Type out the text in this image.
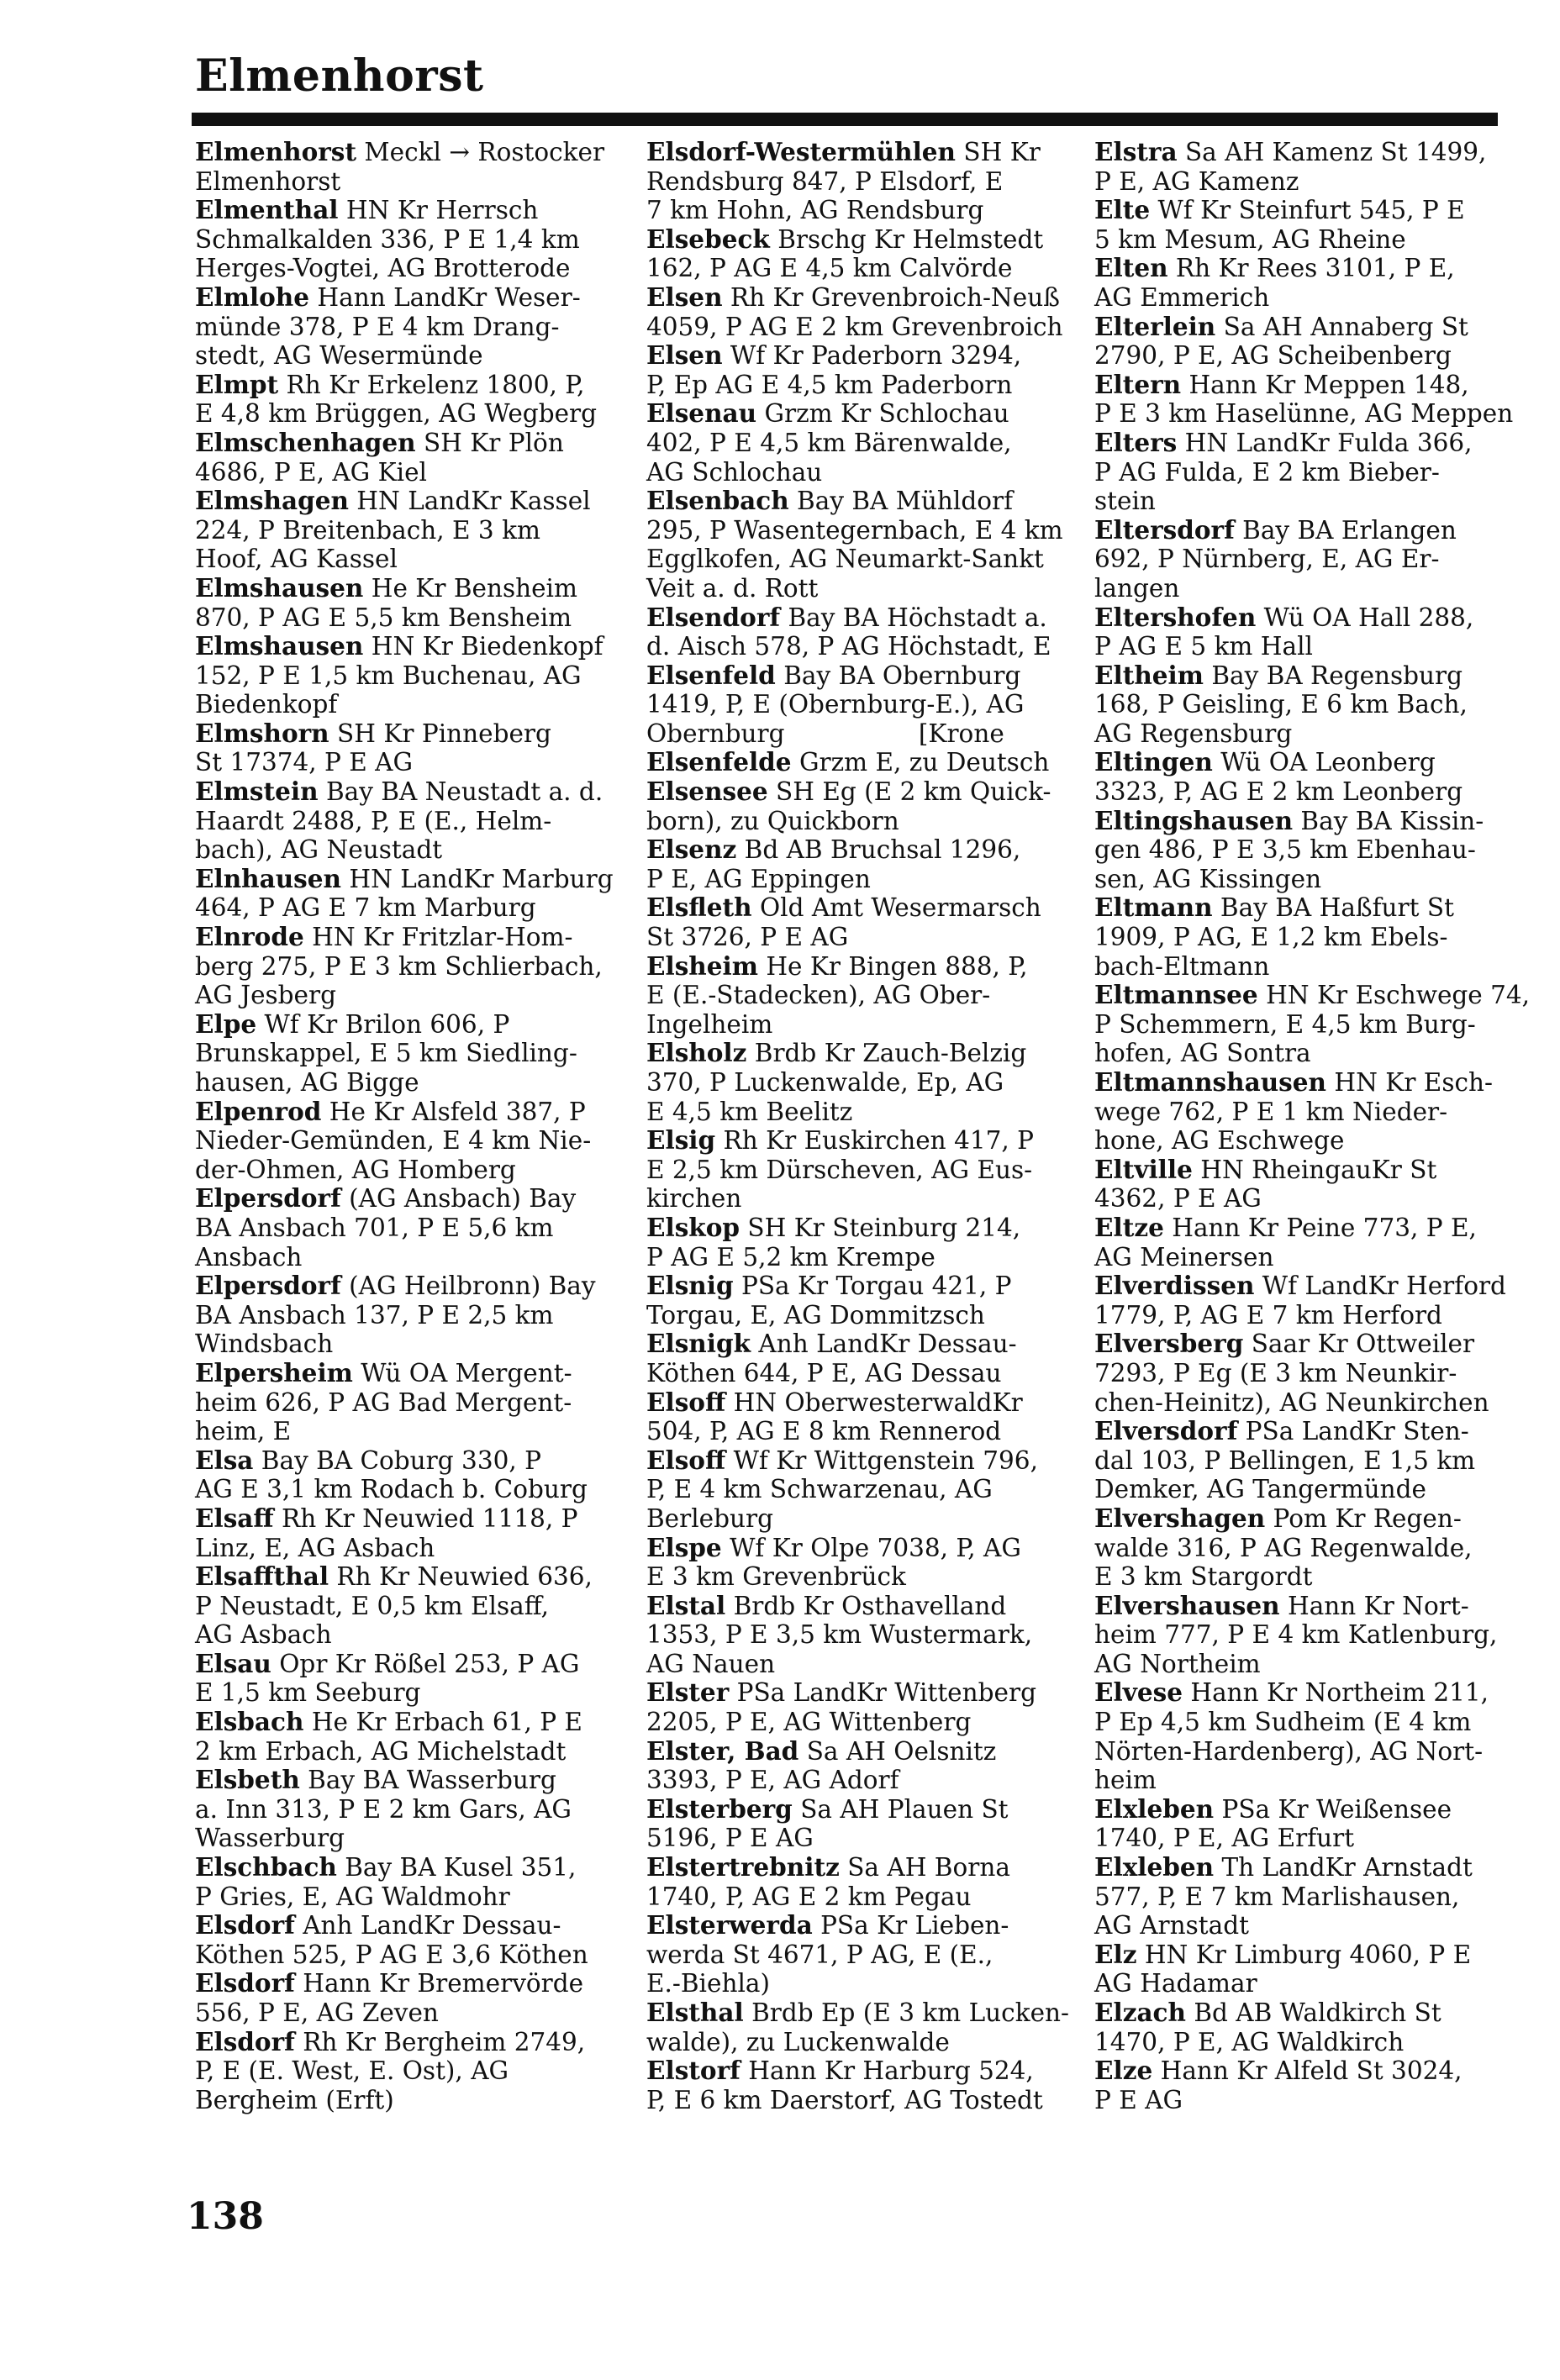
Elmenhorst
Elmenhorst Meckl → Rostocker
Elmenhorst
Elmenthal HN Kr Herrsch
Schmalkalden 336, P E 1,4 km
Herges-Vogtei, AG Brotterode
Elmlohe Hann LandKr Weser-
münde 378, P E 4 km Drang-
stedt, AG Wesermünde
Elmpt Rh Kr Erkelenz 1800, P,
E 4,8 km Brüggen, AG Wegberg
Elmschenhagen SH Kr Plön
4686, P E, AG Kiel
Elmshagen HN LandKr Kassel
224, P Breitenbach, E 3 km
Hoof, AG Kassel
Elmshausen He Kr Bensheim
870, P AG E 5,5 km Bensheim
Elmshausen HN Kr Biedenkopf
152, P E 1,5 km Buchenau, AG
Biedenkopf
Elmshorn SH Kr Pinneberg
St 17374, P E AG
Elmstein Bay BA Neustadt a. d.
Haardt 2488, P, E (E., Helm-
bach), AG Neustadt
Elnhausen HN LandKr Marburg
464, P AG E 7 km Marburg
Elnrode HN Kr Fritzlar-Hom-
berg 275, P E 3 km Schlierbach,
AG Jesberg
Elpe Wf Kr Brilon 606, P
Brunskappel, E 5 km Siedling-
hausen, AG Bigge
Elpenrod He Kr Alsfeld 387, P
Nieder-Gemünden, E 4 km Nie-
der-Ohmen, AG Homberg
Elpersdorf (AG Ansbach) Bay
BA Ansbach 701, P E 5,6 km
Ansbach
Elpersdorf (AG Heilbronn) Bay
BA Ansbach 137, P E 2,5 km
Windsbach
Elpersheim Wü OA Mergent-
heim 626, P AG Bad Mergent-
heim, E
Elsa Bay BA Coburg 330, P
AG E 3,1 km Rodach b. Coburg
Elsaff Rh Kr Neuwied 1118, P
Linz, E, AG Asbach
Elsaffthal Rh Kr Neuwied 636,
P Neustadt, E 0,5 km Elsaff,
AG Asbach
Elsau Opr Kr Rößel 253, P AG
E 1,5 km Seeburg
Elsbach He Kr Erbach 61, P E
2 km Erbach, AG Michelstadt
Elsbeth Bay BA Wasserburg
a. Inn 313, P E 2 km Gars, AG
Wasserburg
Elschbach Bay BA Kusel 351,
P Gries, E, AG Waldmohr
Elsdorf Anh LandKr Dessau-
Köthen 525, P AG E 3,6 Köthen
Elsdorf Hann Kr Bremervörde
556, P E, AG Zeven
Elsdorf Rh Kr Bergheim 2749,
P, E (E. West, E. Ost), AG
Bergheim (Erft)
Elsdorf-Westermühlen SH Kr
Rendsburg 847, P Elsdorf, E
7 km Hohn, AG Rendsburg
Elsebeck Brschg Kr Helmstedt
162, P AG E 4,5 km Calvörde
Elsen Rh Kr Grevenbroich-Neuß
4059, P AG E 2 km Grevenbroich
Elsen Wf Kr Paderborn 3294,
P, Ep AG E 4,5 km Paderborn
Elsenau Grzm Kr Schlochau
402, P E 4,5 km Bärenwalde,
AG Schlochau
Elsenbach Bay BA Mühldorf
295, P Wasentegernbach, E 4 km
Egglkofen, AG Neumarkt-Sankt
Veit a. d. Rott
Elsendorf Bay BA Höchstadt a.
d. Aisch 578, P AG Höchstadt, E
Elsenfeld Bay BA Obernburg
1419, P, E (Obernburg-E.), AG
Obernburg                 [Krone
Elsenfelde Grzm E, zu Deutsch
Elsensee SH Eg (E 2 km Quick-
born), zu Quickborn
Elsenz Bd AB Bruchsal 1296,
P E, AG Eppingen
Elsfleth Old Amt Wesermarsch
St 3726, P E AG
Elsheim He Kr Bingen 888, P,
E (E.-Stadecken), AG Ober-
Ingelheim
Elsholz Brdb Kr Zauch-Belzig
370, P Luckenwalde, Ep, AG
E 4,5 km Beelitz
Elsig Rh Kr Euskirchen 417, P
E 2,5 km Dürscheven, AG Eus-
kirchen
Elskop SH Kr Steinburg 214,
P AG E 5,2 km Krempe
Elsnig PSa Kr Torgau 421, P
Torgau, E, AG Dommitzsch
Elsnigk Anh LandKr Dessau-
Köthen 644, P E, AG Dessau
Elsoff HN OberwesterwaldKr
504, P, AG E 8 km Rennerod
Elsoff Wf Kr Wittgenstein 796,
P, E 4 km Schwarzenau, AG
Berleburg
Elspe Wf Kr Olpe 7038, P, AG
E 3 km Grevenbrück
Elstal Brdb Kr Osthavelland
1353, P E 3,5 km Wustermark,
AG Nauen
Elster PSa LandKr Wittenberg
2205, P E, AG Wittenberg
Elster, Bad Sa AH Oelsnitz
3393, P E, AG Adorf
Elsterberg Sa AH Plauen St
5196, P E AG
Elstertrebnitz Sa AH Borna
1740, P, AG E 2 km Pegau
Elsterwerda PSa Kr Lieben-
werda St 4671, P AG, E (E.,
E.-Biehla)
Elsthal Brdb Ep (E 3 km Lucken-
walde), zu Luckenwalde
Elstorf Hann Kr Harburg 524,
P, E 6 km Daerstorf, AG Tostedt
Elstra Sa AH Kamenz St 1499,
P E, AG Kamenz
Elte Wf Kr Steinfurt 545, P E
5 km Mesum, AG Rheine
Elten Rh Kr Rees 3101, P E,
AG Emmerich
Elterlein Sa AH Annaberg St
2790, P E, AG Scheibenberg
Eltern Hann Kr Meppen 148,
P E 3 km Haselünne, AG Meppen
Elters HN LandKr Fulda 366,
P AG Fulda, E 2 km Bieber-
stein
Eltersdorf Bay BA Erlangen
692, P Nürnberg, E, AG Er-
langen
Eltershofen Wü OA Hall 288,
P AG E 5 km Hall
Eltheim Bay BA Regensburg
168, P Geisling, E 6 km Bach,
AG Regensburg
Eltingen Wü OA Leonberg
3323, P, AG E 2 km Leonberg
Eltingshausen Bay BA Kissin-
gen 486, P E 3,5 km Ebenhau-
sen, AG Kissingen
Eltmann Bay BA Haßfurt St
1909, P AG, E 1,2 km Ebels-
bach-Eltmann
Eltmannsee HN Kr Eschwege 74,
P Schemmern, E 4,5 km Burg-
hofen, AG Sontra
Eltmannshausen HN Kr Esch-
wege 762, P E 1 km Nieder-
hone, AG Eschwege
Eltville HN RheingauKr St
4362, P E AG
Eltze Hann Kr Peine 773, P E,
AG Meinersen
Elverdissen Wf LandKr Herford
1779, P, AG E 7 km Herford
Elversberg Saar Kr Ottweiler
7293, P Eg (E 3 km Neunkir-
chen-Heinitz), AG Neunkirchen
Elversdorf PSa LandKr Sten-
dal 103, P Bellingen, E 1,5 km
Demker, AG Tangermünde
Elvershagen Pom Kr Regen-
walde 316, P AG Regenwalde,
E 3 km Stargordt
Elvershausen Hann Kr Nort-
heim 777, P E 4 km Katlenburg,
AG Northeim
Elvese Hann Kr Northeim 211,
P Ep 4,5 km Sudheim (E 4 km
Nörten-Hardenberg), AG Nort-
heim
Elxleben PSa Kr Weißensee
1740, P E, AG Erfurt
Elxleben Th LandKr Arnstadt
577, P, E 7 km Marlishausen,
AG Arnstadt
Elz HN Kr Limburg 4060, P E
AG Hadamar
Elzach Bd AB Waldkirch St
1470, P E, AG Waldkirch
Elze Hann Kr Alfeld St 3024,
P E AG
138
